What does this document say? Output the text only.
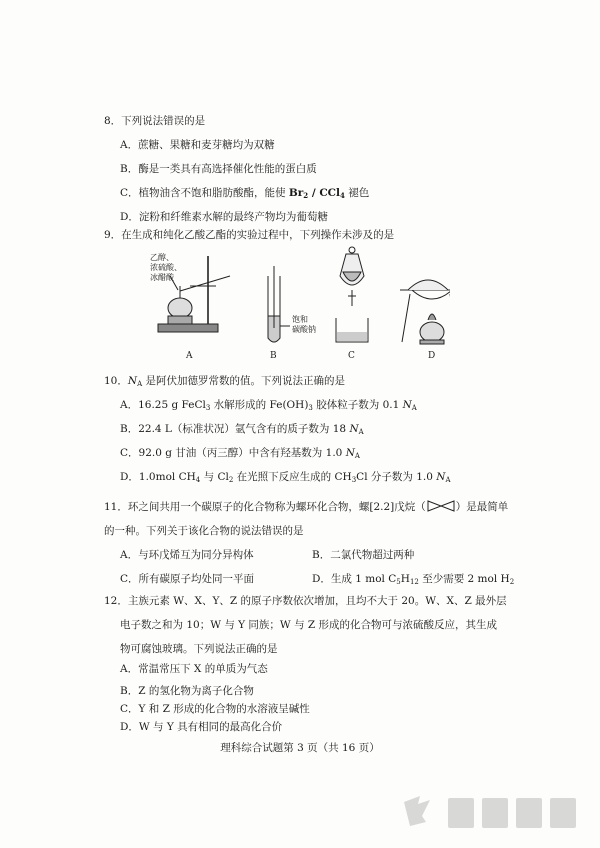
8．下列说法错误的是
A．蔗糖、果糖和麦芽糖均为双糖
B．酶是一类具有高选择催化性能的蛋白质
C．植物油含不饱和脂肪酸酯，能使 $Br_2 / CCl_4$ 褪色
D．淀粉和纤维素水解的最终产物均为葡萄糖
9．在生成和纯化乙酸乙酯的实验过程中，下列操作未涉及的是
乙醇、
浓硫酸、
冰醋酸
饱和
碳酸钠
A	B	C	D
10．$N_A$ 是阿伏加德罗常数的值。下列说法正确的是
A．16.25 g FeCl$_3$ 水解形成的 $Fe(OH)_3$ 胶体粒子数为 0.1 $N_A$
B．22.4 L（标准状况）氩气含有的质子数为 18 $N_A$
C．92.0 g 甘油（丙三醇）中含有羟基数为 1.0 $N_A$
D．1.0mol $CH_4$ 与 $Cl_2$ 在光照下反应生成的 $CH_3Cl$ 分子数为 1.0 $N_A$
11．环之间共用一个碳原子的化合物称为螺环化合物，螺[2.2]戊烷（	）是最简单
的一种。下列关于该化合物的说法错误的是
A．与环戊烯互为同分异构体	B．二氯代物超过两种
C．所有碳原子均处同一平面	D．生成 1 mol $C_5H_{12}$ 至少需要 2 mol $H_2$
12．主族元素 W、X、Y、Z 的原子序数依次增加，且均不大于 20。W、X、Z 最外层
电子数之和为 10；W 与 Y 同族；W 与 Z 形成的化合物可与浓硫酸反应，其生成
物可腐蚀玻璃。下列说法正确的是
A．常温常压下 X 的单质为气态
B．Z 的氢化物为离子化合物
C．Y 和 Z 形成的化合物的水溶液呈碱性
理科综合试题第 3 页（共 16 页）
D．W 与 Y 具有相同的最高化合价
